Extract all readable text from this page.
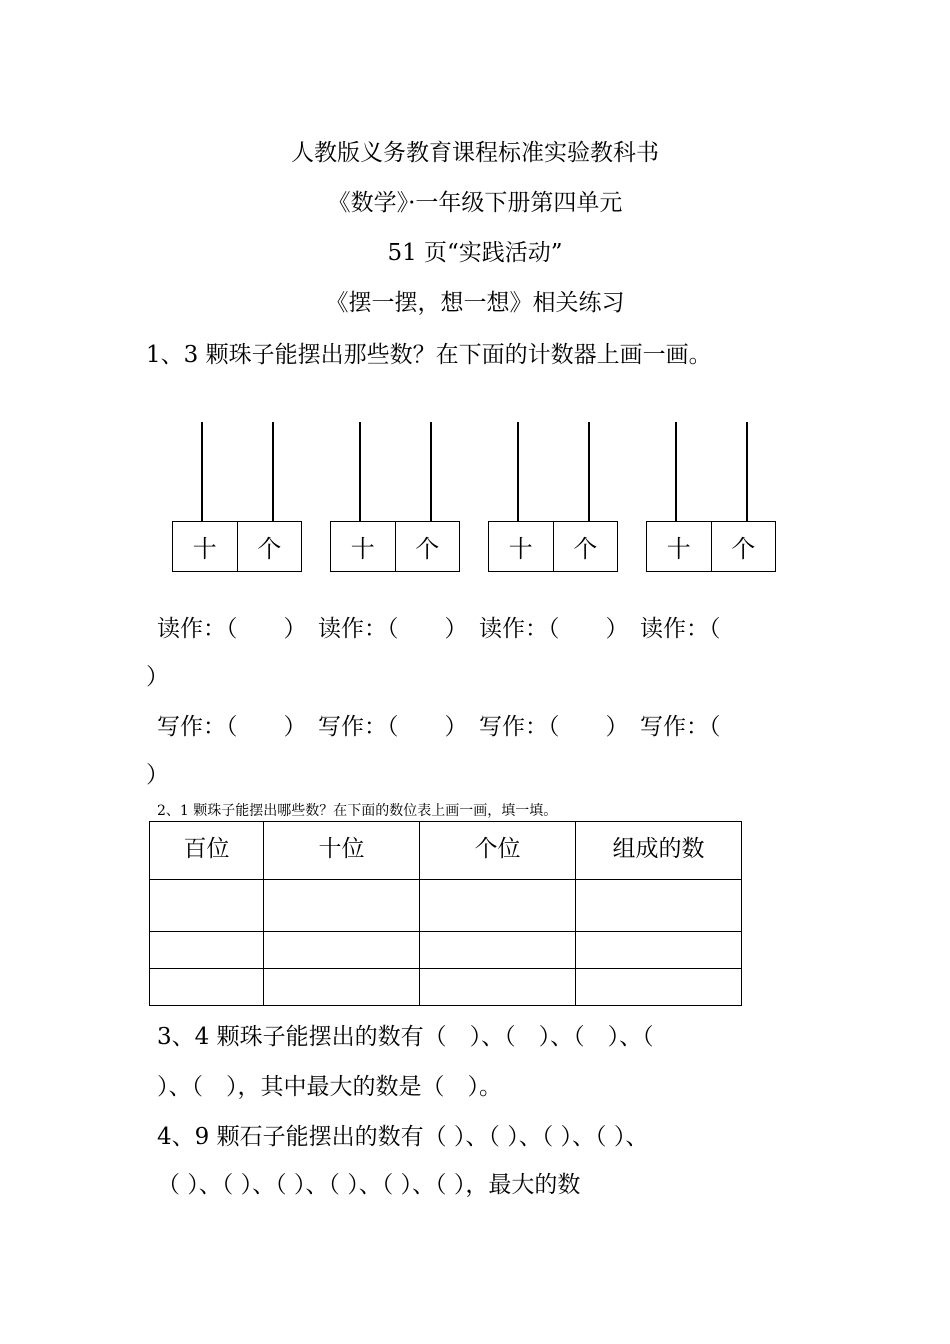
人教版义务教育课程标准实验教科书
《数学》·一年级下册第四单元
51 页“实践活动”
《摆一摆，想一想》相关练习
1、3 颗珠子能摆出那些数？在下面的计数器上画一画。
十	个	十	个	十	个	十	个
读作：（　　）　读作：（　　）　读作：（　　）　读作：（
）
写作：（　　）　写作：（　　）　写作：（　　）　写作：（
）
2、1 颗珠子能摆出哪些数？在下面的数位表上画一画，填一填。
百位	十位	个位	组成的数

3、4 颗珠子能摆出的数有（　）、（　）、（　）、（
）、（　），其中最大的数是（　）。
4、9 颗石子能摆出的数有（ ）、（ ）、（ ）、（ ）、
（ ）、（ ）、（ ）、（ ）、（ ）、（ ），最大的数
